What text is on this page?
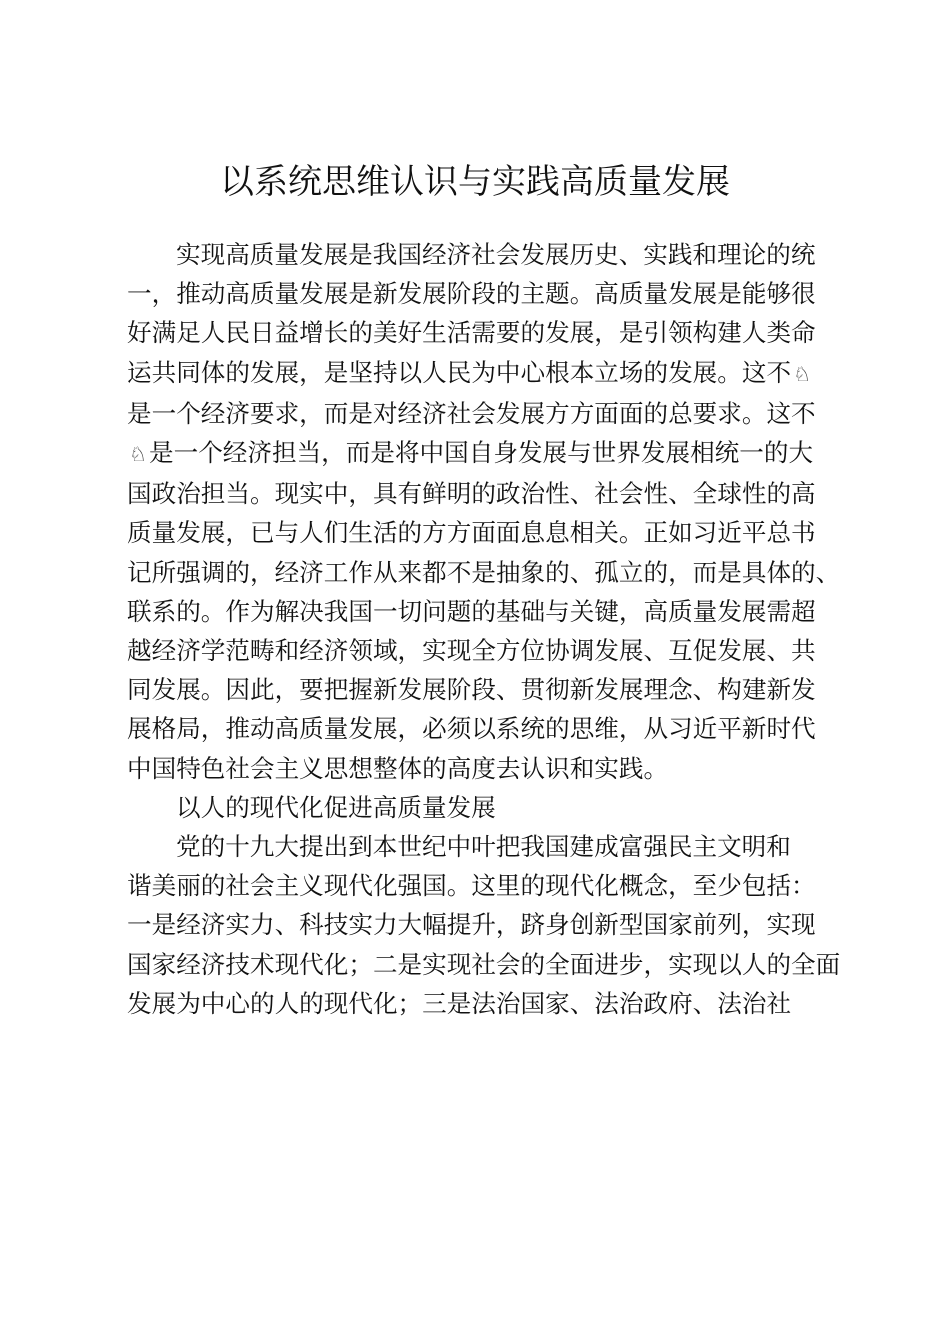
以系统思维认识与实践高质量发展
实现高质量发展是我国经济社会发展历史、实践和理论的统
一，推动高质量发展是新发展阶段的主题。高质量发展是能够很
好满足人民日益增长的美好生活需要的发展，是引领构建人类命
运共同体的发展，是坚持以人民为中心根本立场的发展。这不 ♘
是一个经济要求，而是对经济社会发展方方面面的总要求。这不
♘是一个经济担当，而是将中国自身发展与世界发展相统一的大
国政治担当。现实中，具有鲜明的政治性、社会性、全球性的高
质量发展，已与人们生活的方方面面息息相关。正如习近平总书
记所强调的，经济工作从来都不是抽象的、孤立的，而是具体的、
联系的。作为解决我国一切问题的基础与关键，高质量发展需超
越经济学范畴和经济领域，实现全方位协调发展、互促发展、共
同发展。因此，要把握新发展阶段、贯彻新发展理念、构建新发
展格局，推动高质量发展，必须以系统的思维，从习近平新时代
中国特色社会主义思想整体的高度去认识和实践。
以人的现代化促进高质量发展
党的十九大提出到本世纪中叶把我国建成富强民主文明和
谐美丽的社会主义现代化强国。这里的现代化概念，至少包括：
一是经济实力、科技实力大幅提升，跻身创新型国家前列，实现
国家经济技术现代化；二是实现社会的全面进步，实现以人的全面
发展为中心的人的现代化；三是法治国家、法治政府、法治社
